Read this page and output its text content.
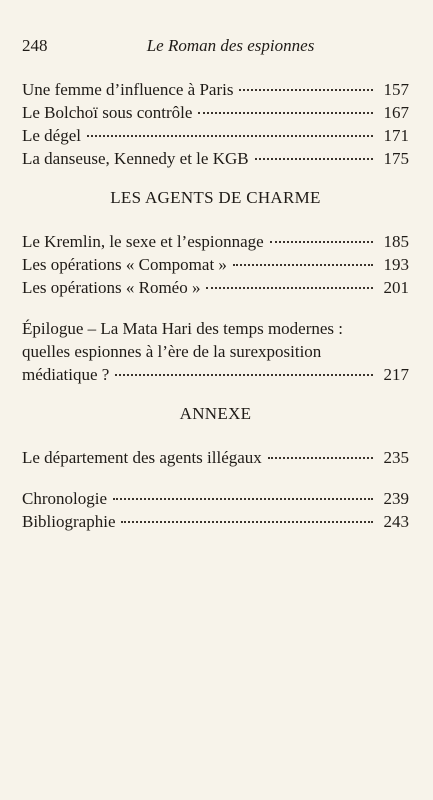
248	Le Roman des espionnes
Une femme d’influence à Paris	157
Le Bolchoï sous contrôle	167
Le dégel	171
La danseuse, Kennedy et le KGB	175
LES AGENTS DE CHARME
Le Kremlin, le sexe et l’espionnage	185
Les opérations « Compomat »	193
Les opérations « Roméo »	201
Épilogue – La Mata Hari des temps modernes :
quelles espionnes à l’ère de la surexposition
médiatique ?	217
ANNEXE
Le département des agents illégaux	235
Chronologie	239
Bibliographie	243
